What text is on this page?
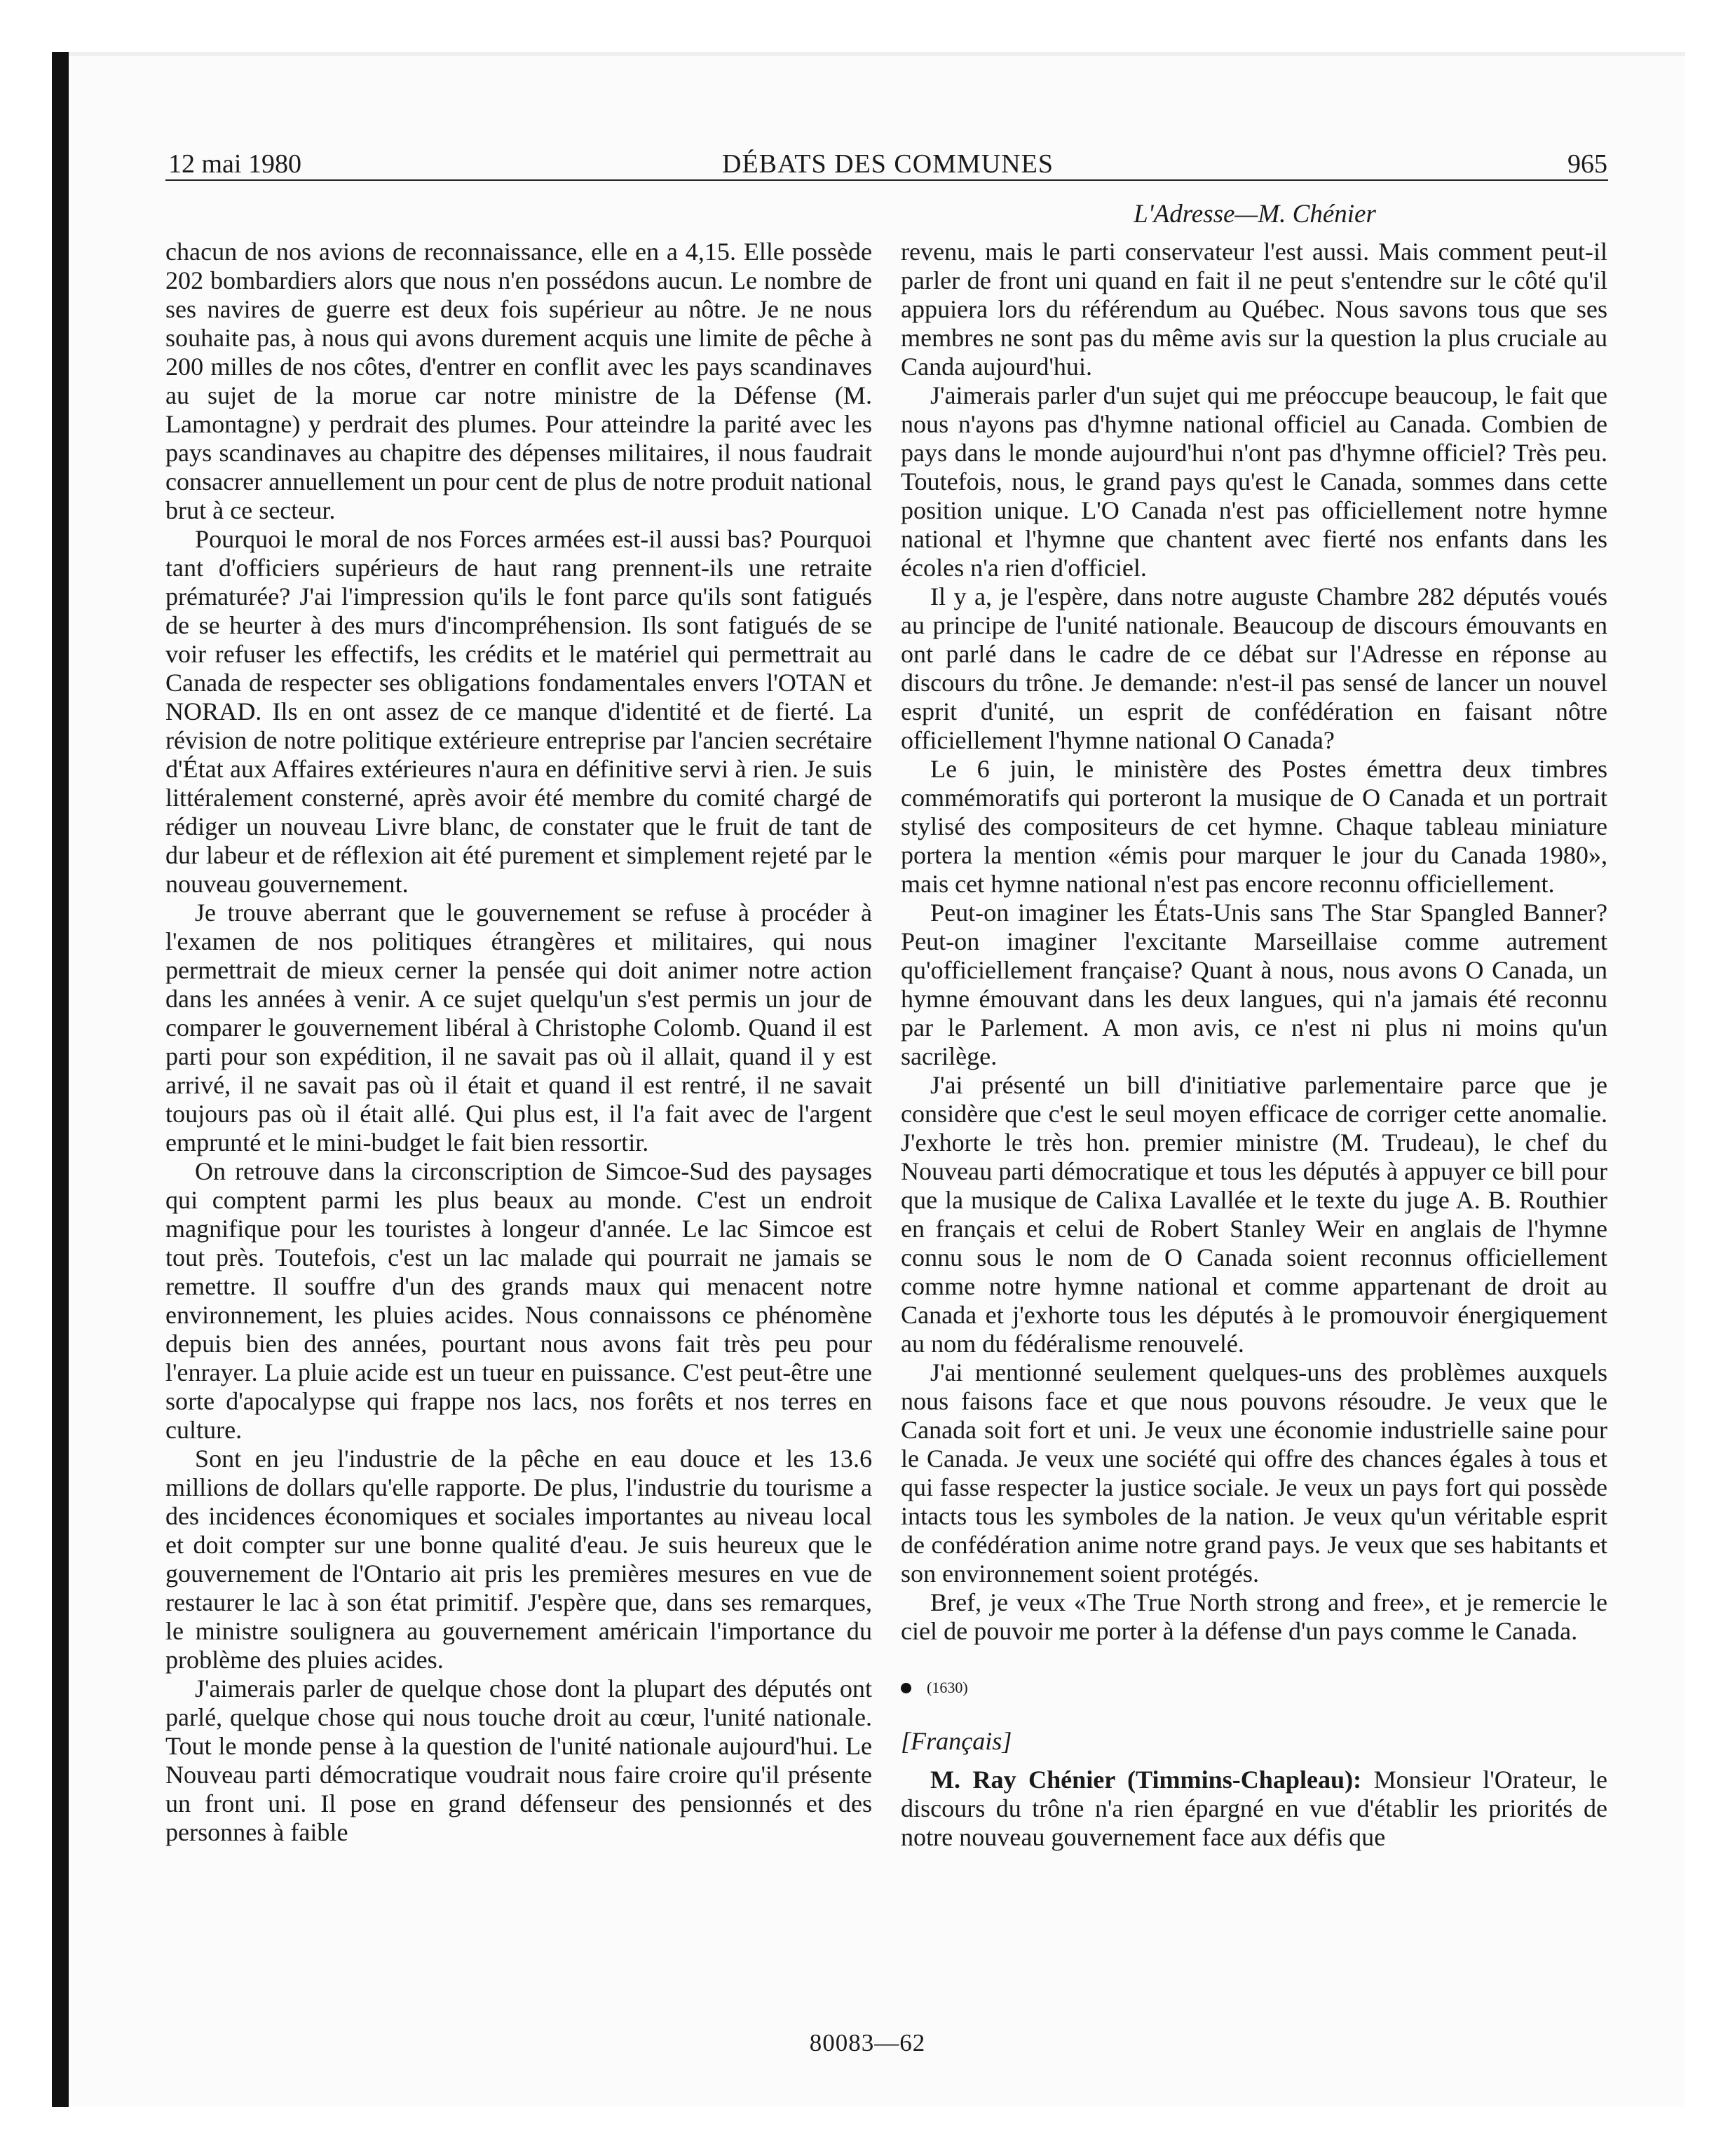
12 mai 1980	DÉBATS DES COMMUNES	965
L'Adresse—M. Chénier

chacun de nos avions de reconnaissance, elle en a 4,15. Elle possède 202 bombardiers alors que nous n'en possédons aucun. Le nombre de ses navires de guerre est deux fois supérieur au nôtre. Je ne nous souhaite pas, à nous qui avons durement acquis une limite de pêche à 200 milles de nos côtes, d'entrer en conflit avec les pays scandinaves au sujet de la morue car notre ministre de la Défense (M. Lamontagne) y perdrait des plumes. Pour atteindre la parité avec les pays scandinaves au chapitre des dépenses militaires, il nous faudrait consacrer annuellement un pour cent de plus de notre produit national brut à ce secteur.

Pourquoi le moral de nos Forces armées est-il aussi bas? Pourquoi tant d'officiers supérieurs de haut rang prennent-ils une retraite prématurée? J'ai l'impression qu'ils le font parce qu'ils sont fatigués de se heurter à des murs d'incompréhension. Ils sont fatigués de se voir refuser les effectifs, les crédits et le matériel qui permettrait au Canada de respecter ses obligations fondamentales envers l'OTAN et NORAD. Ils en ont assez de ce manque d'identité et de fierté. La révision de notre politique extérieure entreprise par l'ancien secrétaire d'État aux Affaires extérieures n'aura en définitive servi à rien. Je suis littéralement consterné, après avoir été membre du comité chargé de rédiger un nouveau Livre blanc, de constater que le fruit de tant de dur labeur et de réflexion ait été purement et simplement rejeté par le nouveau gouvernement.

Je trouve aberrant que le gouvernement se refuse à procéder à l'examen de nos politiques étrangères et militaires, qui nous permettrait de mieux cerner la pensée qui doit animer notre action dans les années à venir. A ce sujet quelqu'un s'est permis un jour de comparer le gouvernement libéral à Christophe Colomb. Quand il est parti pour son expédition, il ne savait pas où il allait, quand il y est arrivé, il ne savait pas où il était et quand il est rentré, il ne savait toujours pas où il était allé. Qui plus est, il l'a fait avec de l'argent emprunté et le mini-budget le fait bien ressortir.

On retrouve dans la circonscription de Simcoe-Sud des paysages qui comptent parmi les plus beaux au monde. C'est un endroit magnifique pour les touristes à longeur d'année. Le lac Simcoe est tout près. Toutefois, c'est un lac malade qui pourrait ne jamais se remettre. Il souffre d'un des grands maux qui menacent notre environnement, les pluies acides. Nous connaissons ce phénomène depuis bien des années, pourtant nous avons fait très peu pour l'enrayer. La pluie acide est un tueur en puissance. C'est peut-être une sorte d'apocalypse qui frappe nos lacs, nos forêts et nos terres en culture.

Sont en jeu l'industrie de la pêche en eau douce et les 13.6 millions de dollars qu'elle rapporte. De plus, l'industrie du tourisme a des incidences économiques et sociales importantes au niveau local et doit compter sur une bonne qualité d'eau. Je suis heureux que le gouvernement de l'Ontario ait pris les premières mesures en vue de restaurer le lac à son état primitif. J'espère que, dans ses remarques, le ministre soulignera au gouvernement américain l'importance du problème des pluies acides.

J'aimerais parler de quelque chose dont la plupart des députés ont parlé, quelque chose qui nous touche droit au cœur, l'unité nationale. Tout le monde pense à la question de l'unité nationale aujourd'hui. Le Nouveau parti démocratique voudrait nous faire croire qu'il présente un front uni. Il pose en grand défenseur des pensionnés et des personnes à faible

revenu, mais le parti conservateur l'est aussi. Mais comment peut-il parler de front uni quand en fait il ne peut s'entendre sur le côté qu'il appuiera lors du référendum au Québec. Nous savons tous que ses membres ne sont pas du même avis sur la question la plus cruciale au Canda aujourd'hui.

J'aimerais parler d'un sujet qui me préoccupe beaucoup, le fait que nous n'ayons pas d'hymne national officiel au Canada. Combien de pays dans le monde aujourd'hui n'ont pas d'hymne officiel? Très peu. Toutefois, nous, le grand pays qu'est le Canada, sommes dans cette position unique. L'O Canada n'est pas officiellement notre hymne national et l'hymne que chantent avec fierté nos enfants dans les écoles n'a rien d'officiel.

Il y a, je l'espère, dans notre auguste Chambre 282 députés voués au principe de l'unité nationale. Beaucoup de discours émouvants en ont parlé dans le cadre de ce débat sur l'Adresse en réponse au discours du trône. Je demande: n'est-il pas sensé de lancer un nouvel esprit d'unité, un esprit de confédération en faisant nôtre officiellement l'hymne national O Canada?

Le 6 juin, le ministère des Postes émettra deux timbres commémoratifs qui porteront la musique de O Canada et un portrait stylisé des compositeurs de cet hymne. Chaque tableau miniature portera la mention «émis pour marquer le jour du Canada 1980», mais cet hymne national n'est pas encore reconnu officiellement.

Peut-on imaginer les États-Unis sans The Star Spangled Banner? Peut-on imaginer l'excitante Marseillaise comme autrement qu'officiellement française? Quant à nous, nous avons O Canada, un hymne émouvant dans les deux langues, qui n'a jamais été reconnu par le Parlement. A mon avis, ce n'est ni plus ni moins qu'un sacrilège.

J'ai présenté un bill d'initiative parlementaire parce que je considère que c'est le seul moyen efficace de corriger cette anomalie. J'exhorte le très hon. premier ministre (M. Trudeau), le chef du Nouveau parti démocratique et tous les députés à appuyer ce bill pour que la musique de Calixa Lavallée et le texte du juge A. B. Routhier en français et celui de Robert Stanley Weir en anglais de l'hymne connu sous le nom de O Canada soient reconnus officiellement comme notre hymne national et comme appartenant de droit au Canada et j'exhorte tous les députés à le promouvoir énergiquement au nom du fédéralisme renouvelé.

J'ai mentionné seulement quelques-uns des problèmes auxquels nous faisons face et que nous pouvons résoudre. Je veux que le Canada soit fort et uni. Je veux une économie industrielle saine pour le Canada. Je veux une société qui offre des chances égales à tous et qui fasse respecter la justice sociale. Je veux un pays fort qui possède intacts tous les symboles de la nation. Je veux qu'un véritable esprit de confédération anime notre grand pays. Je veux que ses habitants et son environnement soient protégés.

Bref, je veux «The True North strong and free», et je remercie le ciel de pouvoir me porter à la défense d'un pays comme le Canada.

(1630)
[Français]

M. Ray Chénier (Timmins-Chapleau): Monsieur l'Orateur, le discours du trône n'a rien épargné en vue d'établir les priorités de notre nouveau gouvernement face aux défis que

80083—62
